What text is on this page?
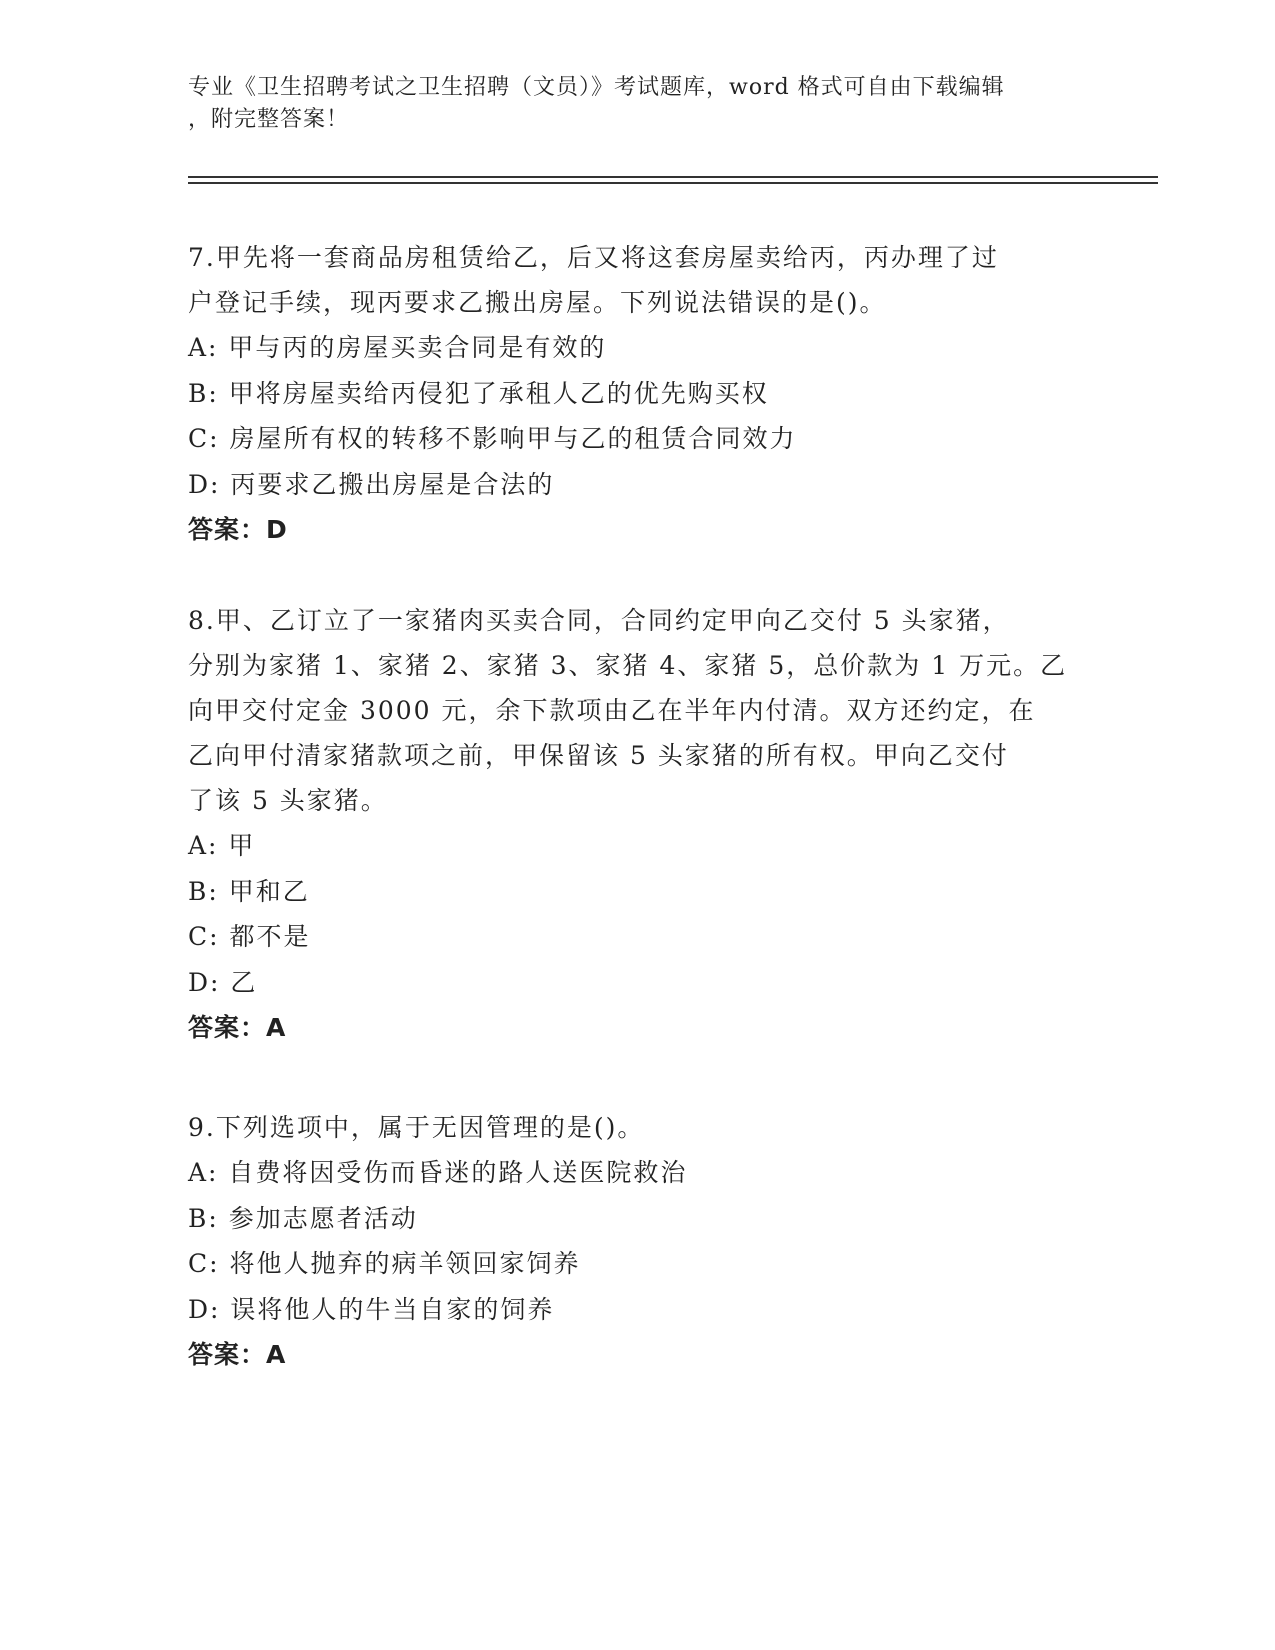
专业《卫生招聘考试之卫生招聘（文员）》考试题库，word 格式可自由下载编辑
，附完整答案！

7.甲先将一套商品房租赁给乙，后又将这套房屋卖给丙，丙办理了过

户登记手续，现丙要求乙搬出房屋。下列说法错误的是()。

A: 甲与丙的房屋买卖合同是有效的

B: 甲将房屋卖给丙侵犯了承租人乙的优先购买权

C: 房屋所有权的转移不影响甲与乙的租赁合同效力

D: 丙要求乙搬出房屋是合法的

答案：D

8.甲、乙订立了一家猪肉买卖合同，合同约定甲向乙交付 5 头家猪，

分别为家猪 1、家猪 2、家猪 3、家猪 4、家猪 5，总价款为 1 万元。乙

向甲交付定金 3000 元，余下款项由乙在半年内付清。双方还约定，在

乙向甲付清家猪款项之前，甲保留该 5 头家猪的所有权。甲向乙交付

了该 5 头家猪。

A: 甲

B: 甲和乙

C: 都不是

D: 乙

答案：A

9.下列选项中，属于无因管理的是()。

A: 自费将因受伤而昏迷的路人送医院救治

B: 参加志愿者活动

C: 将他人抛弃的病羊领回家饲养

D: 误将他人的牛当自家的饲养

答案：A
